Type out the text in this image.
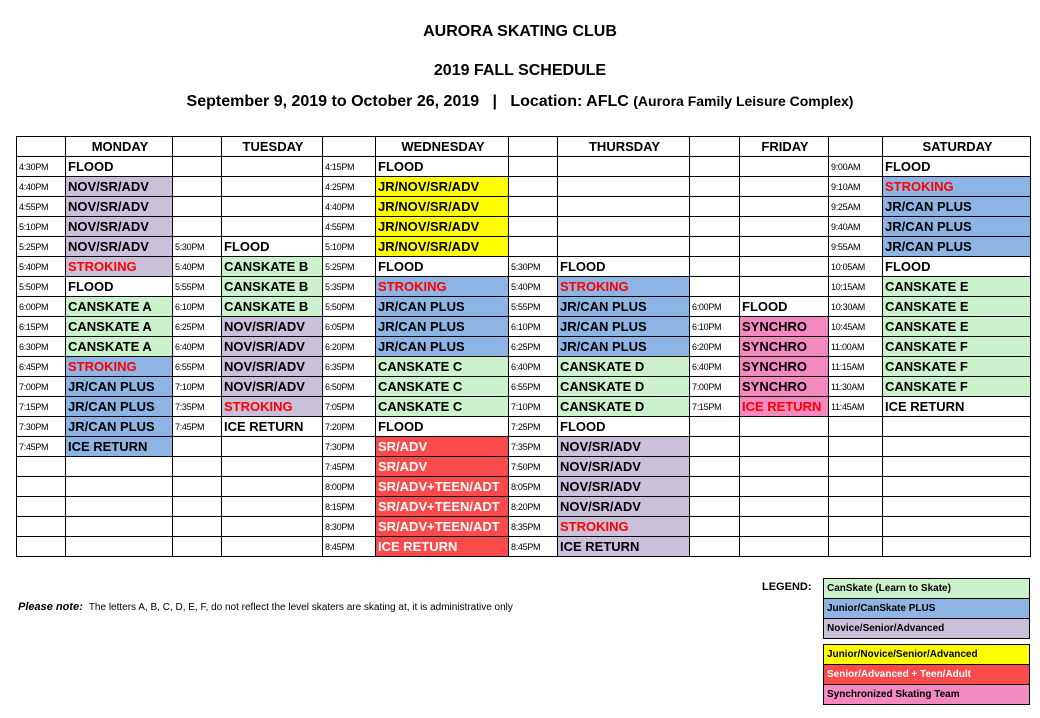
AURORA SKATING CLUB
2019 FALL SCHEDULE
September 9, 2019 to October 26, 2019 | Location: AFLC (Aurora Family Leisure Complex)
	MONDAY		TUESDAY		WEDNESDAY		THURSDAY		FRIDAY		SATURDAY
4:30PM	FLOOD			4:15PM	FLOOD					9:00AM	FLOOD
4:40PM	NOV/SR/ADV			4:25PM	JR/NOV/SR/ADV					9:10AM	STROKING
4:55PM	NOV/SR/ADV			4:40PM	JR/NOV/SR/ADV					9:25AM	JR/CAN PLUS
5:10PM	NOV/SR/ADV			4:55PM	JR/NOV/SR/ADV					9:40AM	JR/CAN PLUS
5:25PM	NOV/SR/ADV	5:30PM	FLOOD	5:10PM	JR/NOV/SR/ADV					9:55AM	JR/CAN PLUS
5:40PM	STROKING	5:40PM	CANSKATE B	5:25PM	FLOOD	5:30PM	FLOOD			10:05AM	FLOOD
5:50PM	FLOOD	5:55PM	CANSKATE B	5:35PM	STROKING	5:40PM	STROKING			10:15AM	CANSKATE E
6:00PM	CANSKATE A	6:10PM	CANSKATE B	5:50PM	JR/CAN PLUS	5:55PM	JR/CAN PLUS	6:00PM	FLOOD	10:30AM	CANSKATE E
6:15PM	CANSKATE A	6:25PM	NOV/SR/ADV	6:05PM	JR/CAN PLUS	6:10PM	JR/CAN PLUS	6:10PM	SYNCHRO	10:45AM	CANSKATE E
6:30PM	CANSKATE A	6:40PM	NOV/SR/ADV	6:20PM	JR/CAN PLUS	6:25PM	JR/CAN PLUS	6:20PM	SYNCHRO	11:00AM	CANSKATE F
6:45PM	STROKING	6:55PM	NOV/SR/ADV	6:35PM	CANSKATE C	6:40PM	CANSKATE D	6:40PM	SYNCHRO	11:15AM	CANSKATE F
7:00PM	JR/CAN PLUS	7:10PM	NOV/SR/ADV	6:50PM	CANSKATE C	6:55PM	CANSKATE D	7:00PM	SYNCHRO	11:30AM	CANSKATE F
7:15PM	JR/CAN PLUS	7:35PM	STROKING	7:05PM	CANSKATE C	7:10PM	CANSKATE D	7:15PM	ICE RETURN	11:45AM	ICE RETURN
7:30PM	JR/CAN PLUS	7:45PM	ICE RETURN	7:20PM	FLOOD	7:25PM	FLOOD				
7:45PM	ICE RETURN			7:30PM	SR/ADV	7:35PM	NOV/SR/ADV				
				7:45PM	SR/ADV	7:50PM	NOV/SR/ADV				
				8:00PM	SR/ADV+TEEN/ADT	8:05PM	NOV/SR/ADV				
				8:15PM	SR/ADV+TEEN/ADT	8:20PM	NOV/SR/ADV				
				8:30PM	SR/ADV+TEEN/ADT	8:35PM	STROKING				
				8:45PM	ICE RETURN	8:45PM	ICE RETURN				
Please note: The letters A, B, C, D, E, F, do not reflect the level skaters are skating at, it is administrative only
LEGEND: CanSkate (Learn to Skate)
Junior/CanSkate PLUS
Novice/Senior/Advanced

Junior/Novice/Senior/Advanced
Senior/Advanced + Teen/Adult
Synchronized Skating Team
